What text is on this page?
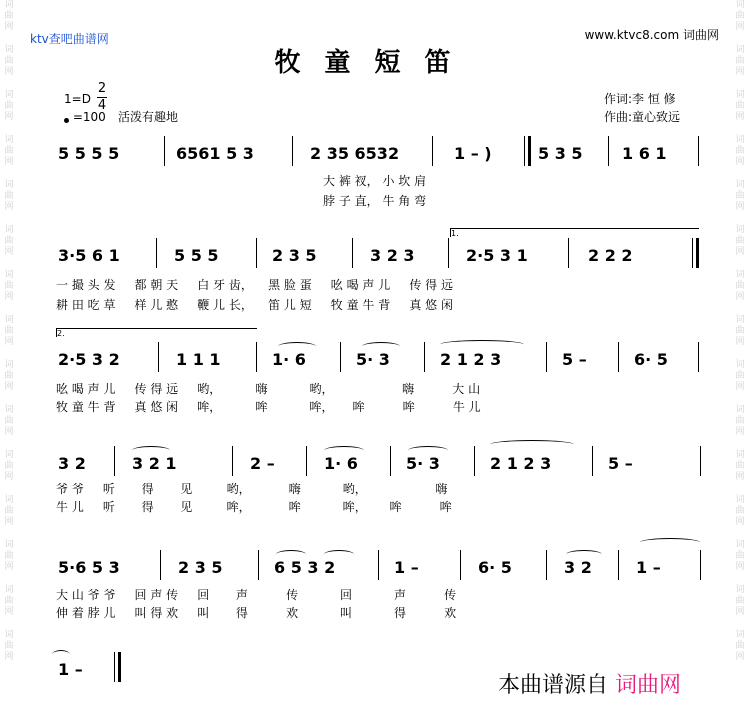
词曲网
词曲网
词曲网
词曲网
词曲网
词曲网
词曲网
词曲网
词曲网
词曲网
词曲网
词曲网
词曲网
词曲网
词曲网
词曲网
词曲网
词曲网
词曲网
词曲网
词曲网
词曲网
词曲网
词曲网
词曲网
词曲网
词曲网
词曲网
词曲网
词曲网
ktv查吧曲谱网	www.ktvc8.com 词曲网
牧童短笛
1=D
2
4
=100 活泼有趣地
作词:李 恒 修
作曲:童心致远
5 5 5 5	6561 5 3	2 35 6532	1 – )	5 3 5 1 6 1
大 裤 衩， 小 坎 肩
脖 子 直， 牛 角 弯
1.
3·5 6 1	5 5 5	2 3 5	3 2 3	2·5 3 1	2 2 2
一 撮 头 发     都 朝 天     白 牙 齿，    黑 脸 蛋     吆 喝 声 儿     传 得 远
耕 田 吃 草     样 儿 憨     鞭 儿 长，    笛 儿 短     牧 童 牛 背     真 悠 闲
2.
2·5 3 2	1 1 1	1· 6	5· 3	2 1 2 3	5 –	6· 5
吆 喝 声 儿     传 得 远     哟，         嗨           哟，                  嗨          大 山
牧 童 牛 背     真 悠 闲     哞，         哞           哞，     哞          哞          牛 儿
3 2	3 2 1	2 –	1· 6	5· 3	2 1 2 3	5 –
爷 爷     听       得       见         哟，          嗨           哟，                  嗨
牛 儿     听       得       见         哞，          哞           哞，      哞          哞
5·6 5 3	2 3 5	6 5 3 2	1 –	6· 5	3 2	1 –
大 山 爷 爷     回 声 传     回       声          传           回           声          传
伸 着 脖 儿     叫 得 欢     叫       得          欢           叫           得          欢
1 –
本曲谱源自 词曲网
